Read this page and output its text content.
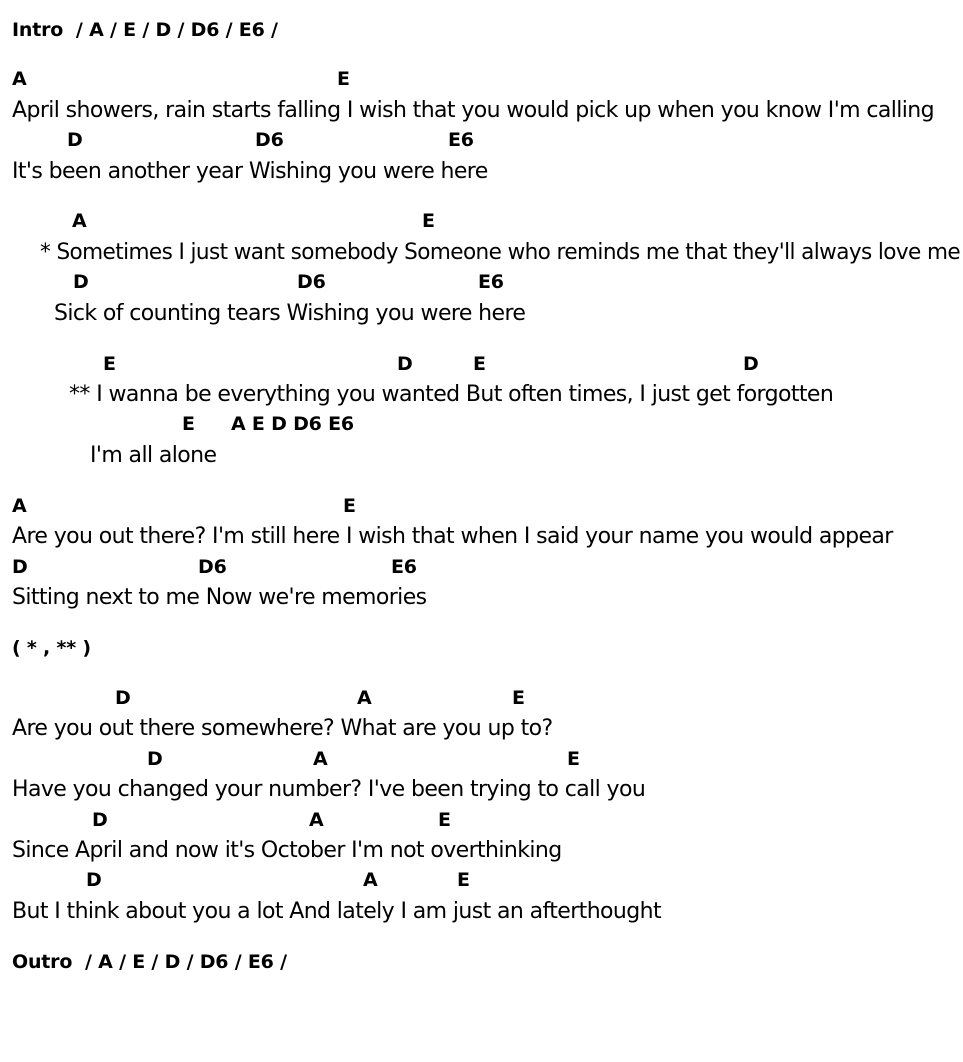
Intro  / A / E / D / D6 / E6 /
A	E
April showers, rain starts falling I wish that you would pick up when you know I'm calling
D	D6	E6
It's been another year Wishing you were here
A	E
* Sometimes I just want somebody Someone who reminds me that they'll always love me
D	D6	E6
Sick of counting tears Wishing you were here
E	D	E	D
** I wanna be everything you wanted But often times, I just get forgotten
E A E D D6 E6
I'm all alone
A	E
Are you out there? I'm still here I wish that when I said your name you would appear
D	D6	E6
Sitting next to me Now we're memories
( * , ** )
D	A	E
Are you out there somewhere? What are you up to?
D	A	E
Have you changed your number? I've been trying to call you
D	A	E
Since April and now it's October I'm not overthinking
D	A	E
But I think about you a lot And lately I am just an afterthought
Outro  / A / E / D / D6 / E6 /
